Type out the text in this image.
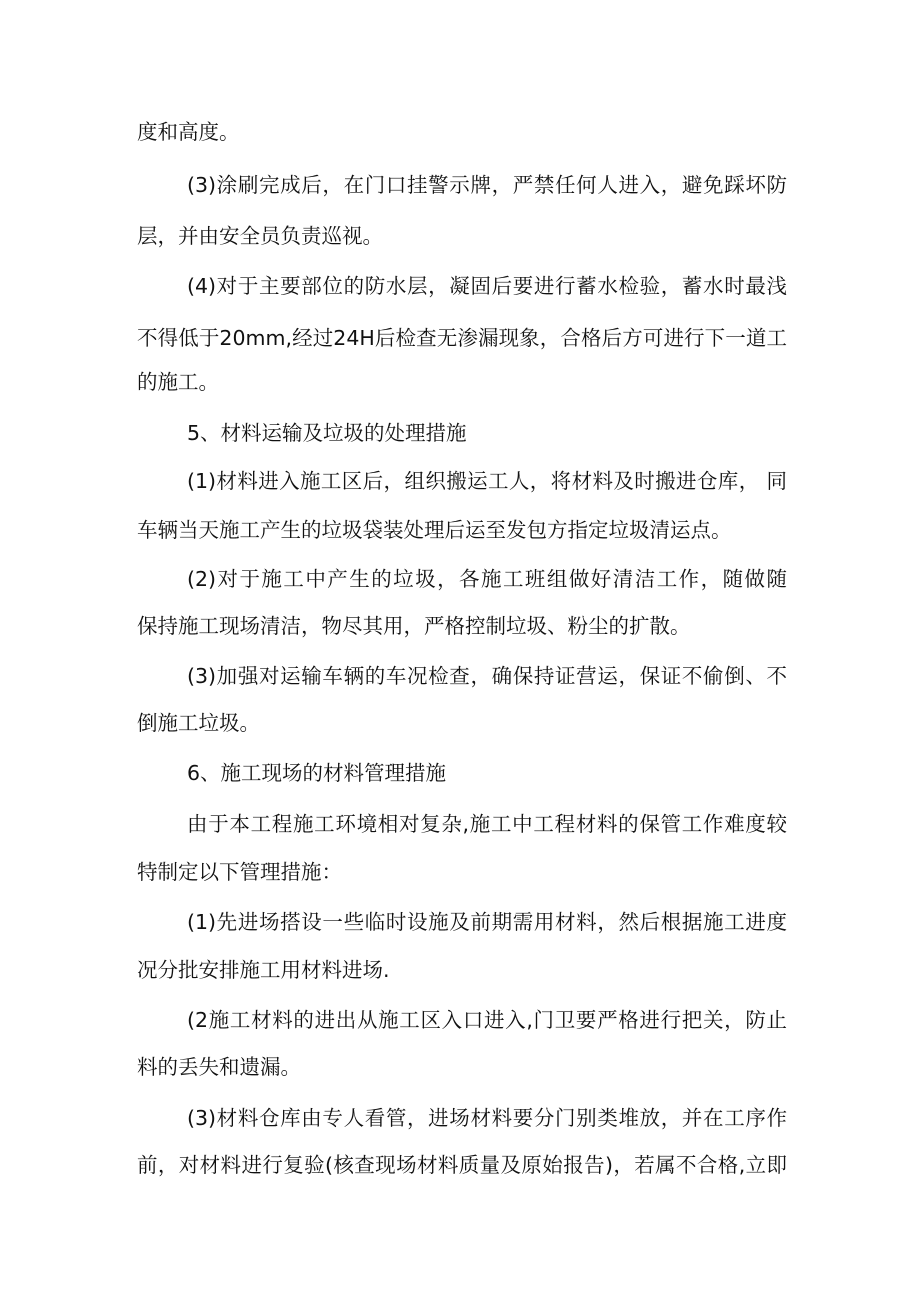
度和高度。
(3)涂刷完成后，在门口挂警示牌，严禁任何人进入，避免踩坏防
层，并由安全员负责巡视。
(4)对于主要部位的防水层，凝固后要进行蓄水检验，蓄水时最浅
不得低于20mm,经过24H后检查无渗漏现象，合格后方可进行下一道工
的施工。
5、材料运输及垃圾的处理措施
(1)材料进入施工区后，组织搬运工人，将材料及时搬进仓库， 同
车辆当天施工产生的垃圾袋装处理后运至发包方指定垃圾清运点。
(2)对于施工中产生的垃圾，各施工班组做好清洁工作，随做随
保持施工现场清洁，物尽其用，严格控制垃圾、粉尘的扩散。
(3)加强对运输车辆的车况检查，确保持证营运，保证不偷倒、不
倒施工垃圾。
6、施工现场的材料管理措施
由于本工程施工环境相对复杂,施工中工程材料的保管工作难度较
特制定以下管理措施：
(1)先进场搭设一些临时设施及前期需用材料，然后根据施工进度
况分批安排施工用材料进场.
(2施工材料的进出从施工区入口进入,门卫要严格进行把关，防止
料的丢失和遗漏。
(3)材料仓库由专人看管，进场材料要分门别类堆放，并在工序作
前，对材料进行复验(核查现场材料质量及原始报告)，若属不合格,立即
